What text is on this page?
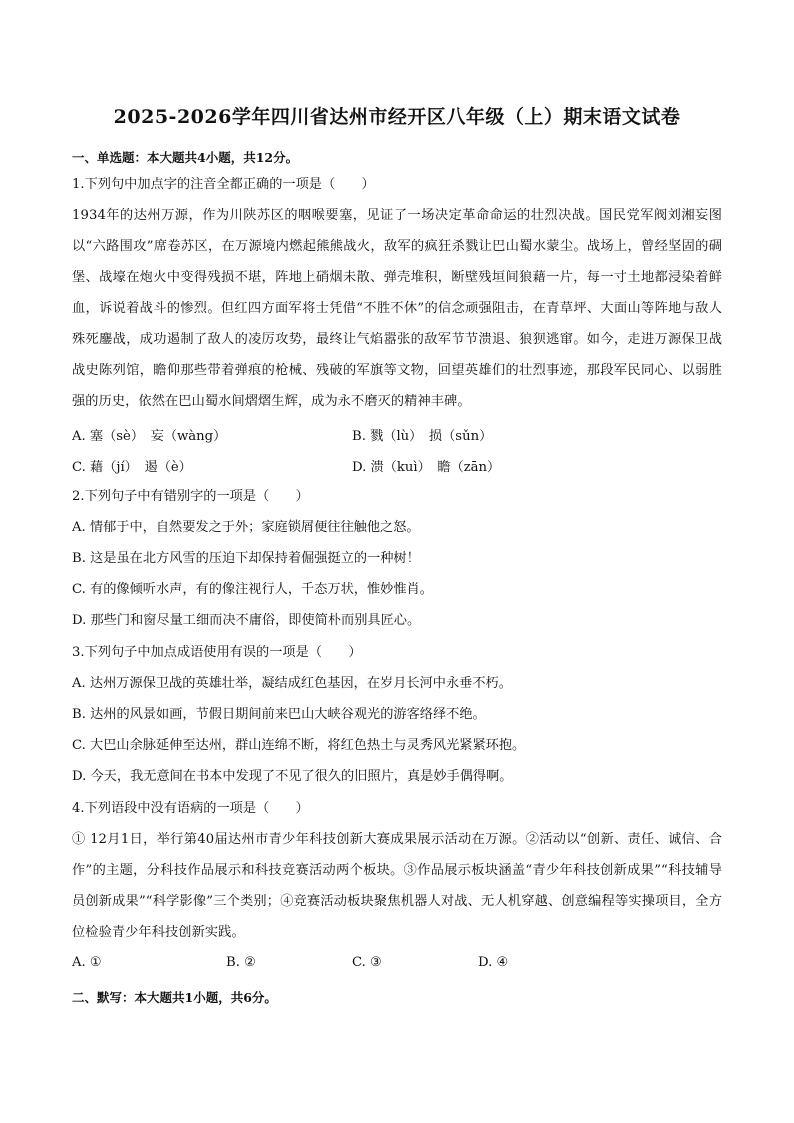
2025-2026学年四川省达州市经开区八年级（上）期末语文试卷
一、单选题：本大题共4小题，共12分。
1.下列句中加点字的注音全都正确的一项是（　　）
1934年的达州万源，作为川陕苏区的咽喉要塞，见证了一场决定革命命运的壮烈决战。国民党军阀刘湘妄图以“六路围攻”席卷苏区，在万源境内燃起熊熊战火，敌军的疯狂杀戮让巴山蜀水蒙尘。战场上，曾经坚固的碉堡、战壕在炮火中变得残损不堪，阵地上硝烟未散、弹壳堆积，断壁残垣间狼藉一片，每一寸土地都浸染着鲜血，诉说着战斗的惨烈。但红四方面军将士凭借“不胜不休”的信念顽强阻击，在青草坪、大面山等阵地与敌人殊死鏖战，成功遏制了敌人的凌厉攻势，最终让气焰嚣张的敌军节节溃退、狼狈逃窜。如今，走进万源保卫战战史陈列馆，瞻仰那些带着弹痕的枪械、残破的军旗等文物，回望英雄们的壮烈事迹，那段军民同心、以弱胜强的历史，依然在巴山蜀水间熠熠生辉，成为永不磨灭的精神丰碑。
A. 塞（sè）　妄（wàng）	B. 戮（lù）　损（sǔn）
C. 藉（jí）　遏（è）	D. 溃（kuì）　瞻（zān）
2.下列句子中有错别字的一项是（　　）
A. 情郁于中，自然要发之于外；家庭锁屑便往往触他之怒。
B. 这是虽在北方风雪的压迫下却保持着倔强挺立的一种树！
C. 有的像倾听水声，有的像注视行人，千态万状，惟妙惟肖。
D. 那些门和窗尽量工细而决不庸俗，即使简朴而别具匠心。
3.下列句子中加点成语使用有误的一项是（　　）
A. 达州万源保卫战的英雄壮举，凝结成红色基因，在岁月长河中永垂不朽。
B. 达州的风景如画，节假日期间前来巴山大峡谷观光的游客络绎不绝。
C. 大巴山余脉延伸至达州，群山连绵不断，将红色热土与灵秀风光紧紧环抱。
D. 今天，我无意间在书本中发现了不见了很久的旧照片，真是妙手偶得啊。
4.下列语段中没有语病的一项是（　　）
① 12月1日，举行第40届达州市青少年科技创新大赛成果展示活动在万源。②活动以“创新、责任、诚信、合作”的主题，分科技作品展示和科技竞赛活动两个板块。③作品展示板块涵盖“青少年科技创新成果”“科技辅导员创新成果”“科学影像”三个类别；④竞赛活动板块聚焦机器人对战、无人机穿越、创意编程等实操项目，全方位检验青少年科技创新实践。
A. ①	B. ②	C. ③	D. ④
二、默写：本大题共1小题，共6分。
